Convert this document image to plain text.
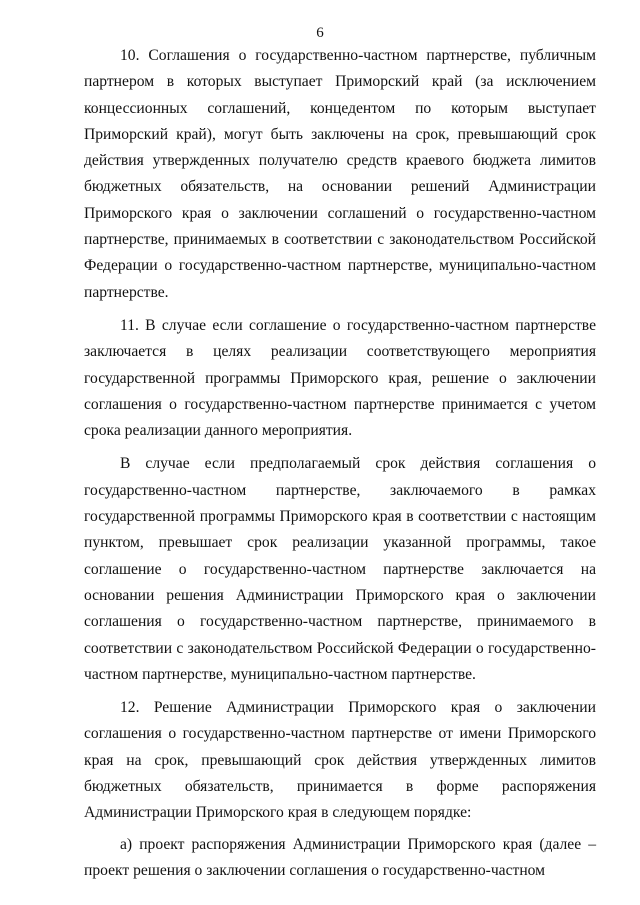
6

10. Соглашения о государственно-частном партнерстве, публичным партнером в которых выступает Приморский край (за исключением концессионных соглашений, концедентом по которым выступает Приморский край), могут быть заключены на срок, превышающий срок действия утвержденных получателю средств краевого бюджета лимитов бюджетных обязательств, на основании решений Администрации Приморского края о заключении соглашений о государственно-частном партнерстве, принимаемых в соответствии с законодательством Российской Федерации о государственно-частном партнерстве, муниципально-частном партнерстве.

11. В случае если соглашение о государственно-частном партнерстве заключается в целях реализации соответствующего мероприятия государственной программы Приморского края, решение о заключении соглашения о государственно-частном партнерстве принимается с учетом срока реализации данного мероприятия.

В случае если предполагаемый срок действия соглашения о государственно-частном партнерстве, заключаемого в рамках государственной программы Приморского края в соответствии с настоящим пунктом, превышает срок реализации указанной программы, такое соглашение о государственно-частном партнерстве заключается на основании решения Администрации Приморского края о заключении соглашения о государственно-частном партнерстве, принимаемого в соответствии с законодательством Российской Федерации о государственно-частном партнерстве, муниципально-частном партнерстве.

12. Решение Администрации Приморского края о заключении соглашения о государственно-частном партнерстве от имени Приморского края на срок, превышающий срок действия утвержденных лимитов бюджетных обязательств, принимается в форме распоряжения Администрации Приморского края в следующем порядке:

а) проект распоряжения Администрации Приморского края (далее – проект решения о заключении соглашения о государственно-частном
